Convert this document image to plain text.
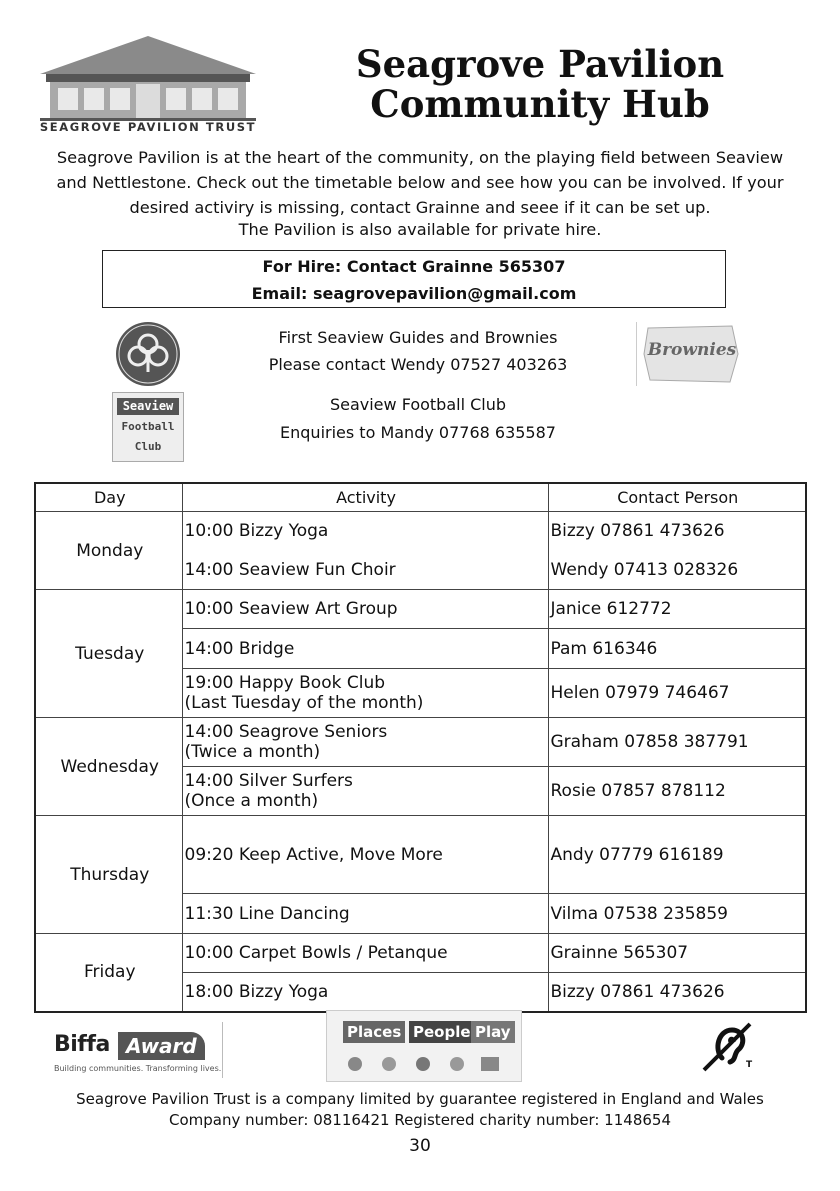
SEAGROVE PAVILION TRUST
Seagrove Pavilion
Community Hub
Seagrove Pavilion is at the heart of the community, on the playing field between Seaview
and Nettlestone. Check out the timetable below and see how you can be involved. If your
desired activiry is missing, contact Grainne and seee if it can be set up.
The Pavilion is also available for private hire.
For Hire: Contact Grainne 565307
Email: seagrovepavilion@gmail.com
First Seaview Guides and Brownies
Please contact Wendy 07527 403263
Brownies
Seaview
Football
Club
Seaview Football Club
Enquiries to Mandy 07768 635587
Day	Activity	Contact Person
Monday	10:00 Bizzy Yoga	Bizzy 07861 473626
	14:00 Seaview Fun Choir	Wendy 07413 028326
Tuesday	10:00 Seaview Art Group	Janice 612772
	14:00 Bridge	Pam 616346

	19:00 Happy Book Club
(Last Tuesday of the month)	Helen 07979 746467
Wednesday	14:00 Seagrove Seniors
(Twice a month)	Graham 07858 387791

	14:00 Silver Surfers
(Once a month)	Rosie 07857 878112
Thursday	09:20 Keep Active, Move More	Andy 07779 616189
	11:30 Line Dancing	Vilma 07538 235859
Friday	10:00 Carpet Bowls / Petanque	Grainne 565307
	18:00 Bizzy Yoga	Bizzy 07861 473626
Biffa Award
Building communities. Transforming lives.
Places People Play
T
Seagrove Pavilion Trust is a company limited by guarantee registered in England and Wales
Company number: 08116421 Registered charity number: 1148654
30
